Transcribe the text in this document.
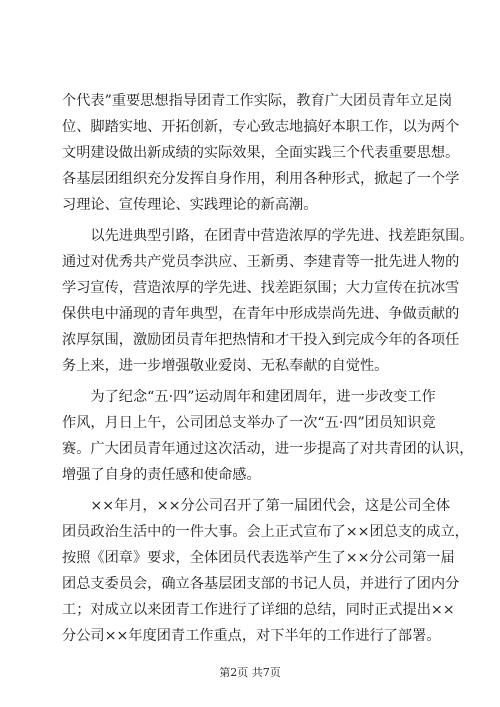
个代表”重要思想指导团青工作实际，教育广大团员青年立足岗
位、脚踏实地、开拓创新，专心致志地搞好本职工作，以为两个
文明建设做出新成绩的实际效果，全面实践三个代表重要思想。
各基层团组织充分发挥自身作用，利用各种形式，掀起了一个学
习理论、宣传理论、实践理论的新高潮。
　　以先进典型引路，在团青中营造浓厚的学先进、找差距氛围。
通过对优秀共产党员李洪应、王新勇、李建青等一批先进人物的
学习宣传，营造浓厚的学先进、找差距氛围；大力宣传在抗冰雪
保供电中涌现的青年典型，在青年中形成崇尚先进、争做贡献的
浓厚氛围，激励团员青年把热情和才干投入到完成今年的各项任
务上来，进一步增强敬业爱岗、无私奉献的自觉性。
　　为了纪念“五·四”运动周年和建团周年，进一步改变工作
作风，月日上午，公司团总支举办了一次“五·四”团员知识竞
赛。广大团员青年通过这次活动，进一步提高了对共青团的认识，
增强了自身的责任感和使命感。
　　××年月，××分公司召开了第一届团代会，这是公司全体
团员政治生活中的一件大事。会上正式宣布了××团总支的成立，
按照《团章》要求，全体团员代表选举产生了××分公司第一届
团总支委员会，确立各基层团支部的书记人员，并进行了团内分
工；对成立以来团青工作进行了详细的总结，同时正式提出××
分公司××年度团青工作重点，对下半年的工作进行了部署。
第2页 共7页
